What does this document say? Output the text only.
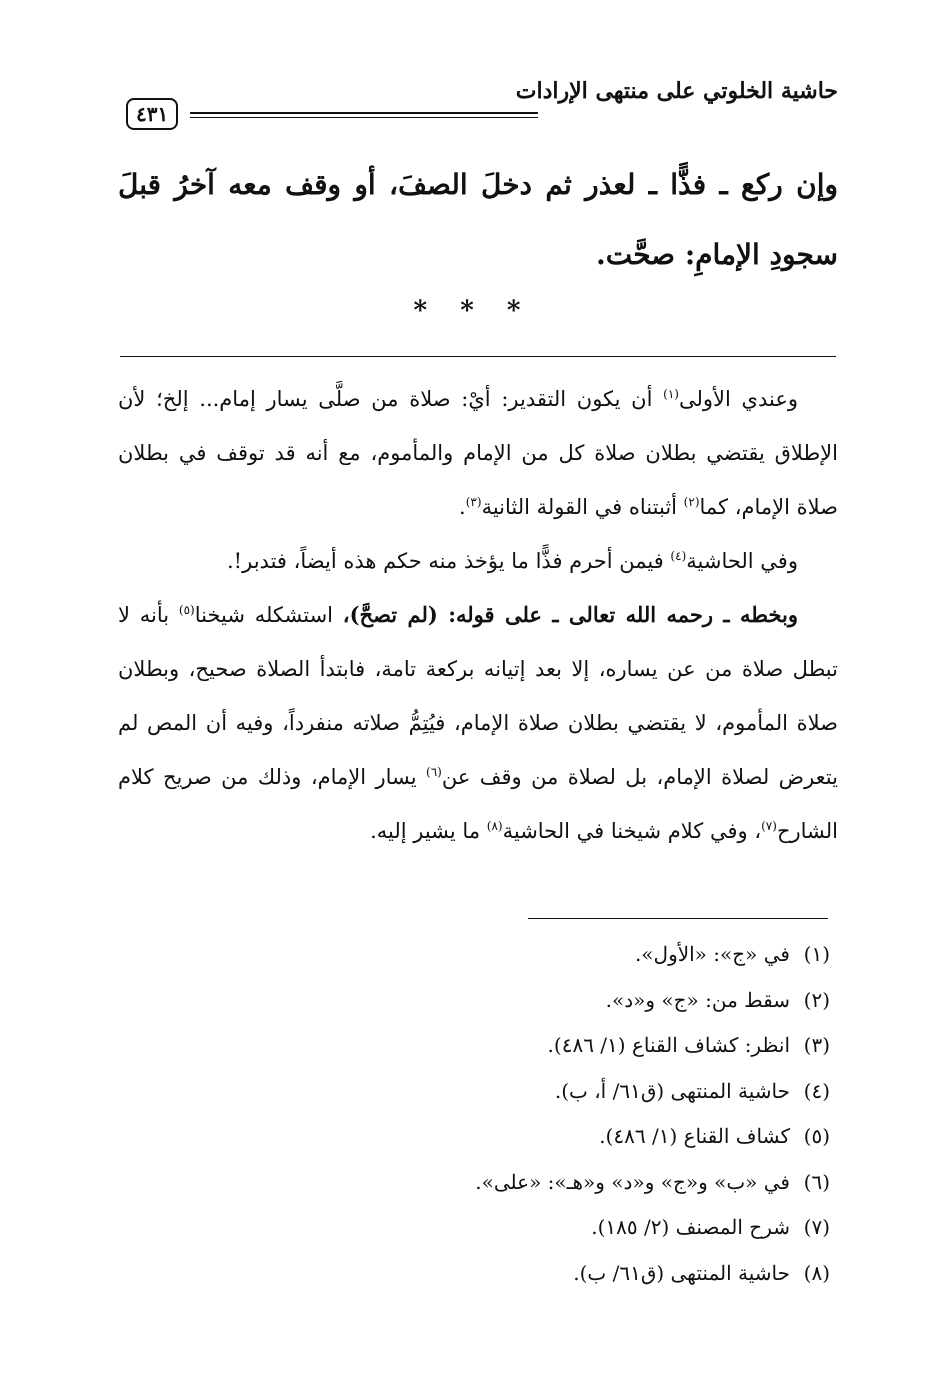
حاشية الخلوتي على منتهى الإرادات
٤٣١
وإن ركع ـ فذًّا ـ لعذر ثم دخلَ الصفَ، أو وقف معه آخرُ قبلَ سجودِ الإمامِ: صحَّت.
* * *

وعندي الأولى$^{(١)}$ أن يكون التقدير: أيْ: صلاة من صلَّى يسار إمام... إلخ؛ لأن الإطلاق يقتضي بطلان صلاة كل من الإمام والمأموم، مع أنه قد توقف في بطلان صلاة الإمام، كما$^{(٢)}$ أثبتناه في القولة الثانية$^{(٣)}$.

وفي الحاشية$^{(٤)}$ فيمن أحرم فذًّا ما يؤخذ منه حكم هذه أيضاً، فتدبر!.

وبخطه ـ رحمه الله تعالى ـ على قوله: (لم تصحَّ)، استشكله شيخنا$^{(٥)}$ بأنه لا تبطل صلاة من عن يساره، إلا بعد إتيانه بركعة تامة، فابتدأ الصلاة صحيح، وبطلان صلاة المأموم، لا يقتضي بطلان صلاة الإمام، فيُتِمُّ صلاته منفرداً، وفيه أن المص لم يتعرض لصلاة الإمام، بل لصلاة من وقف عن$^{(٦)}$ يسار الإمام، وذلك من صريح كلام الشارح$^{(٧)}$، وفي كلام شيخنا في الحاشية$^{(٨)}$ ما يشير إليه.

(١)في «ج»: «الأول».
(٢)سقط من: «ج» و«د».
(٣)انظر: كشاف القناع (١/ ٤٨٦).
(٤)حاشية المنتهى (ق٦١/ أ، ب).
(٥)كشاف القناع (١/ ٤٨٦).
(٦)في «ب» و«ج» و«د» و«هـ»: «على».
(٧)شرح المصنف (٢/ ١٨٥).
(٨)حاشية المنتهى (ق٦١/ ب).
